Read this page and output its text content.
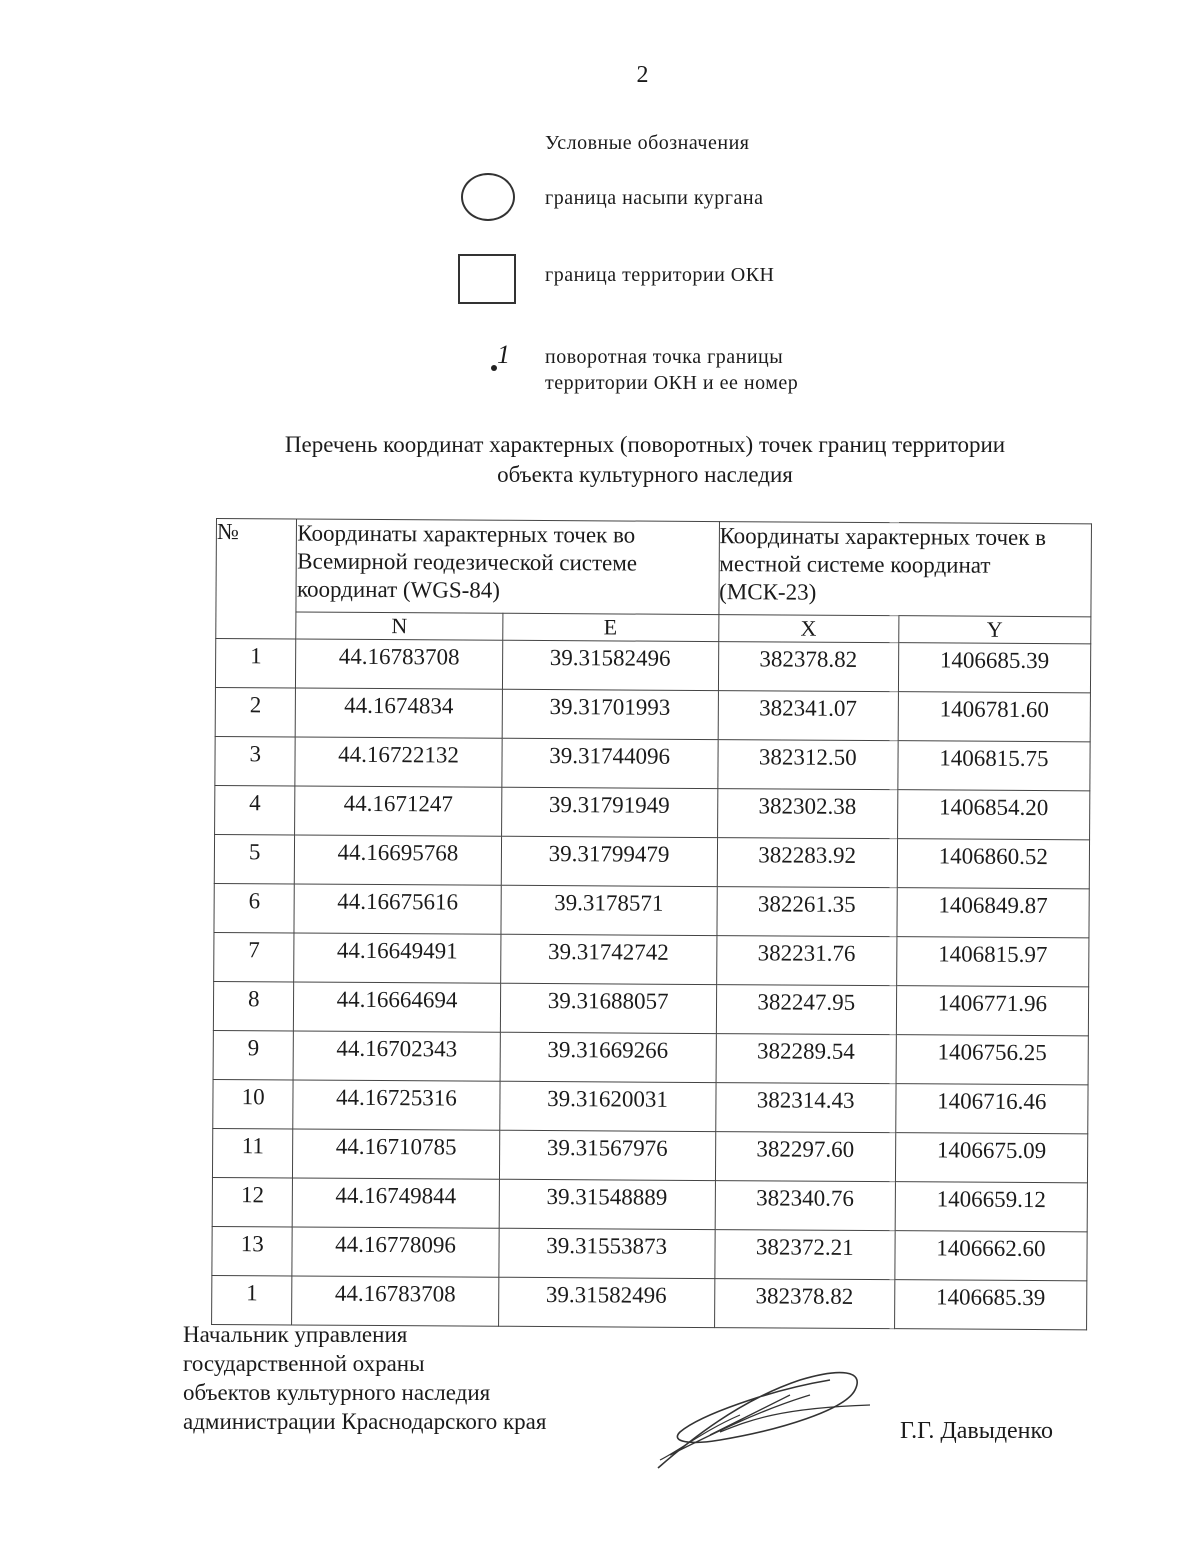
2
Условные обозначения
граница насыпи кургана
граница территории ОКН
1 поворотная точка границы
территории ОКН и ее номер
Перечень координат характерных (поворотных) точек границ территории
объекта культурного наследия
№	Координаты характерных точек во Всемирной геодезической системе координат (WGS-84)		Координаты характерных точек в местной системе координат (МСК-23)	
	N	E	X	Y
1	44.16783708	39.31582496	382378.82	1406685.39
2	44.1674834	39.31701993	382341.07	1406781.60
3	44.16722132	39.31744096	382312.50	1406815.75
4	44.1671247	39.31791949	382302.38	1406854.20
5	44.16695768	39.31799479	382283.92	1406860.52
6	44.16675616	39.3178571	382261.35	1406849.87
7	44.16649491	39.31742742	382231.76	1406815.97
8	44.16664694	39.31688057	382247.95	1406771.96
9	44.16702343	39.31669266	382289.54	1406756.25
10	44.16725316	39.31620031	382314.43	1406716.46
11	44.16710785	39.31567976	382297.60	1406675.09
12	44.16749844	39.31548889	382340.76	1406659.12
13	44.16778096	39.31553873	382372.21	1406662.60
1	44.16783708	39.31582496	382378.82	1406685.39
Начальник управления
государственной охраны
объектов культурного наследия
администрации Краснодарского края	Г.Г. Давыденко
